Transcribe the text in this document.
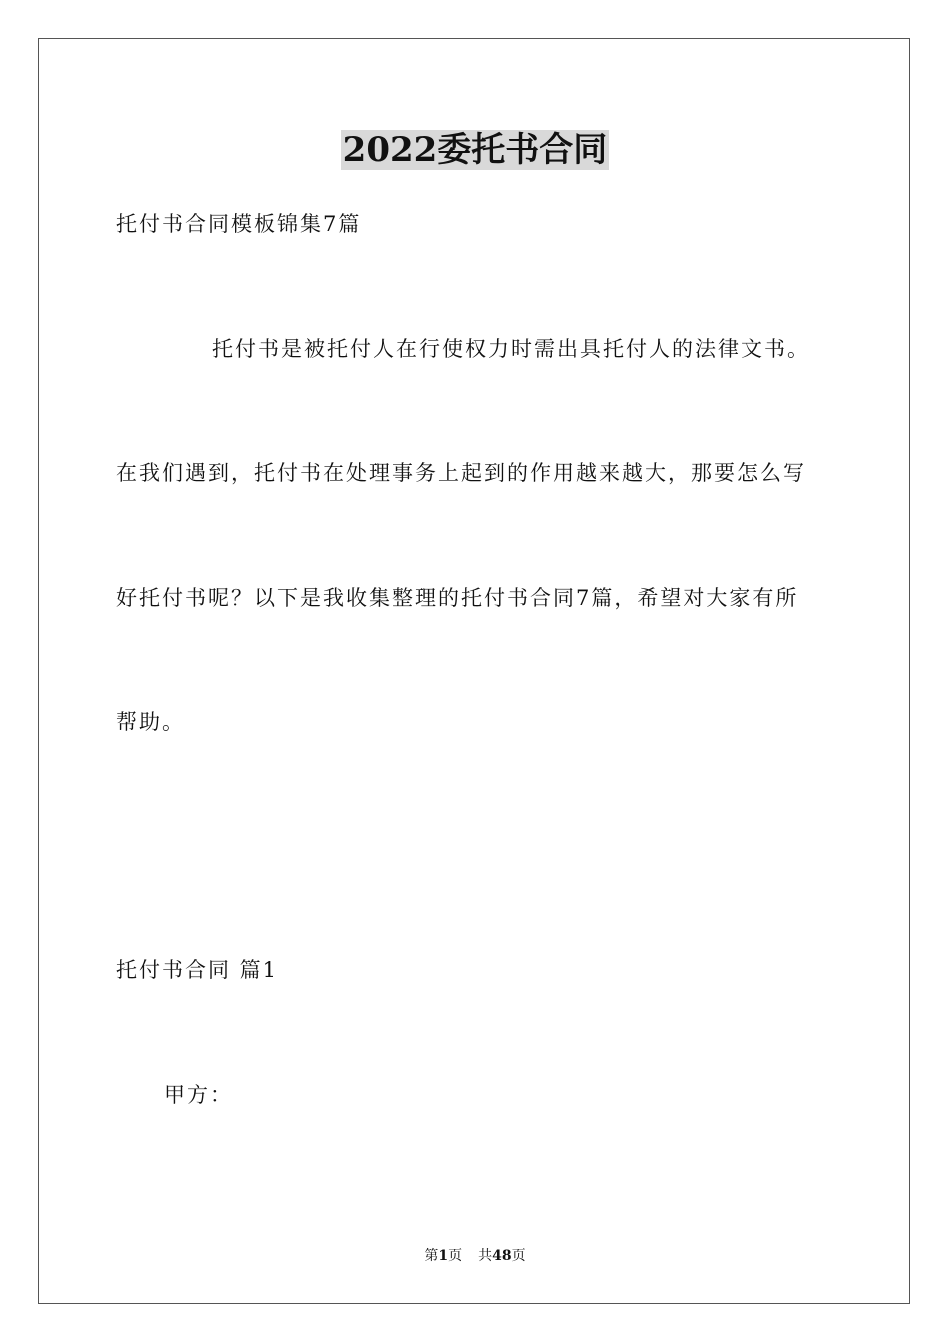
2022委托书合同
托付书合同模板锦集7篇
托付书是被托付人在行使权力时需出具托付人的法律文书。
在我们遇到，托付书在处理事务上起到的作用越来越大，那要怎么写
好托付书呢？以下是我收集整理的托付书合同7篇，希望对大家有所
帮助。
托付书合同 篇1
甲方：
第1页 共48页
